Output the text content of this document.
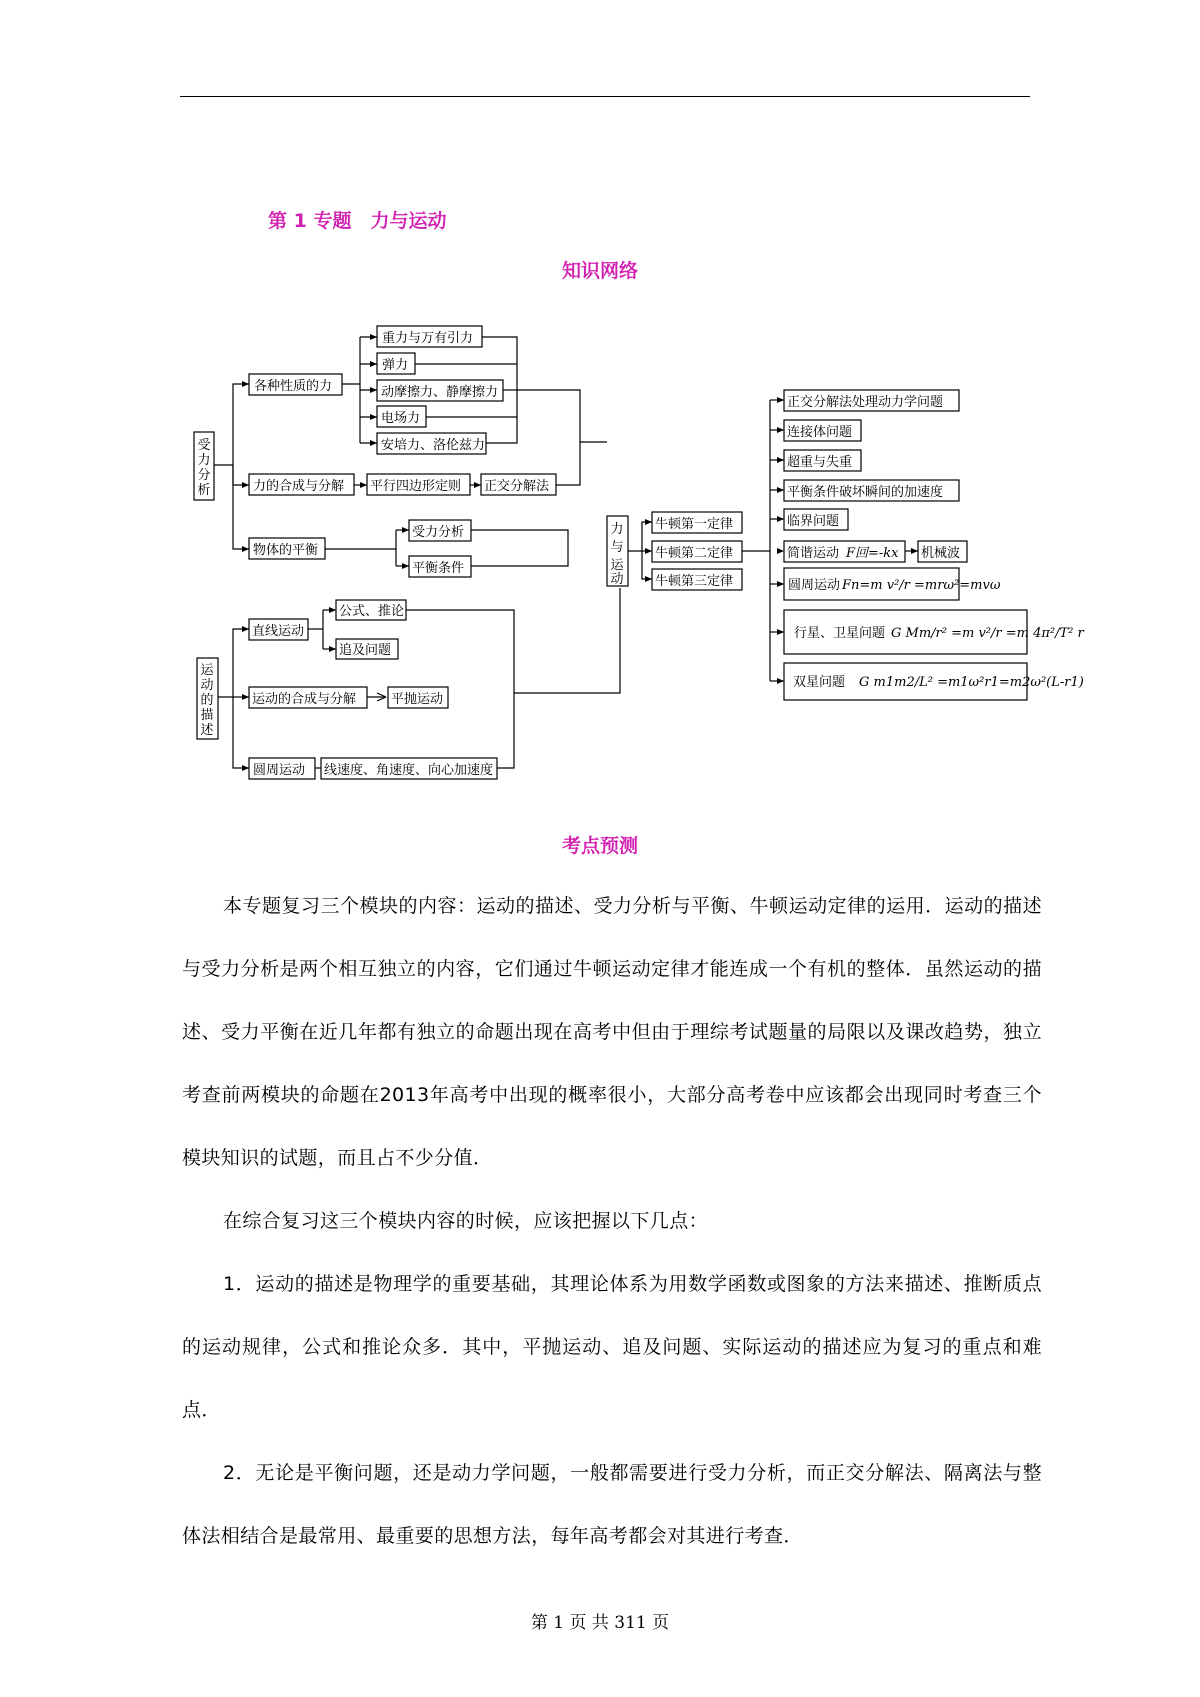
第 1 专题　力与运动
知识网络
受
力
分
析
各种性质的力
重力与万有引力
弹力
动摩擦力、静摩擦力
电场力
安培力、洛伦兹力
力的合成与分解 平行四边形定则 正交分解法
物体的平衡
受力分析
平衡条件
运
动
的
描
述
直线运动
公式、推论
追及问题
运动的合成与分解	平抛运动
圆周运动 线速度、角速度、向心加速度
力
与
运
动
牛顿第一定律
牛顿第二定律
牛顿第三定律
正交分解法处理动力学问题
连接体问题
超重与失重
平衡条件破坏瞬间的加速度
临界问题
简谐运动 F回=-kx 机械波
圆周运动 Fn=m v²/r =mrω²=mvω
行星、卫星问题 G Mm/r² =m v²/r =m 4π²/T² r
双星问题 G m1m2/L² =m1ω²r1=m2ω²(L-r1)
考点预测
本专题复习三个模块的内容：运动的描述、受力分析与平衡、牛顿运动定律的运用．运动的描述与受力分析是两个相互独立的内容，它们通过牛顿运动定律才能连成一个有机的整体．虽然运动的描述、受力平衡在近几年都有独立的命题出现在高考中但由于理综考试题量的局限以及课改趋势，独立考查前两模块的命题在2013年高考中出现的概率很小，大部分高考卷中应该都会出现同时考查三个模块知识的试题，而且占不少分值．
在综合复习这三个模块内容的时候，应该把握以下几点：
1．运动的描述是物理学的重要基础，其理论体系为用数学函数或图象的方法来描述、推断质点的运动规律，公式和推论众多．其中，平抛运动、追及问题、实际运动的描述应为复习的重点和难点．
2．无论是平衡问题，还是动力学问题，一般都需要进行受力分析，而正交分解法、隔离法与整体法相结合是最常用、最重要的思想方法，每年高考都会对其进行考查．
第 1 页 共 311 页
